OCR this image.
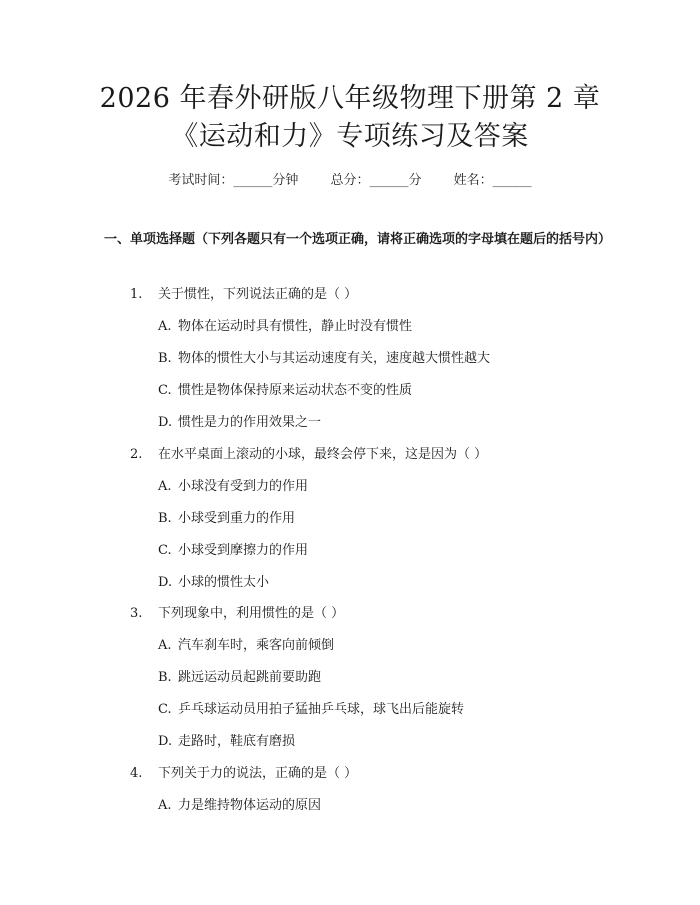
2026 年春外研版八年级物理下册第 2 章《运动和力》专项练习及答案
考试时间：______分钟 总分：______分 姓名：______
一、单项选择题（下列各题只有一个选项正确，请将正确选项的字母填在题后的括号内）
1. 关于惯性，下列说法正确的是（ ）
A. 物体在运动时具有惯性，静止时没有惯性
B. 物体的惯性大小与其运动速度有关，速度越大惯性越大
C. 惯性是物体保持原来运动状态不变的性质
D. 惯性是力的作用效果之一
2. 在水平桌面上滚动的小球，最终会停下来，这是因为（ ）
A. 小球没有受到力的作用
B. 小球受到重力的作用
C. 小球受到摩擦力的作用
D. 小球的惯性太小
3. 下列现象中，利用惯性的是（ ）
A. 汽车刹车时，乘客向前倾倒
B. 跳远运动员起跳前要助跑
C. 乒乓球运动员用拍子猛抽乒乓球，球飞出后能旋转
D. 走路时，鞋底有磨损
4. 下列关于力的说法，正确的是（ ）
A. 力是维持物体运动的原因
